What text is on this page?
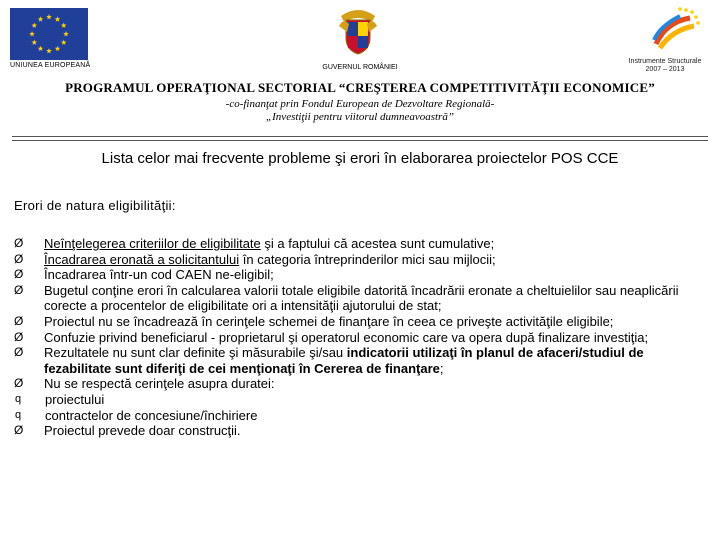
UNIUNEA EUROPEANĂ	GUVERNUL ROMÂNIEI
Instrumente Structurale
2007 – 2013
PROGRAMUL OPERAŢIONAL SECTORIAL “CREŞTEREA COMPETITIVITĂŢII ECONOMICE”
-co-finanţat prin Fondul European de Dezvoltare Regională-
„Investiţii pentru viitorul dumneavoastră”
Lista celor mai frecvente probleme şi erori în elaborarea proiectelor POS CCE
Erori de natura eligibilităţii:
Ø	Neînţelegerea criteriilor de eligibilitate şi a faptului că acestea sunt cumulative;
Ø	Încadrarea eronată a solicitantului în categoria întreprinderilor mici sau mijlocii;
Ø	Încadrarea într-un cod CAEN ne-eligibil;
Ø	Bugetul conţine erori în calcularea valorii totale eligibile datorită încadrării eronate a cheltuielilor sau neaplicării corecte a procentelor de eligibilitate ori a intensităţii ajutorului de stat;
Ø	Proiectul nu se încadrează în cerinţele schemei de finanţare în ceea ce priveşte activităţile eligibile;
Ø	Confuzie privind beneficiarul - proprietarul şi operatorul economic care va opera după finalizare investiţia;
Ø	Rezultatele nu sunt clar definite şi măsurabile şi/sau indicatorii utilizaţi în planul de afaceri/studiul de fezabilitate sunt diferiţi de cei menţionaţi în Cererea de finanţare;
Ø	Nu se respectă cerinţele asupra duratei:
q	proiectului
q	contractelor de concesiune/închiriere
Ø	Proiectul prevede doar construcţii.
